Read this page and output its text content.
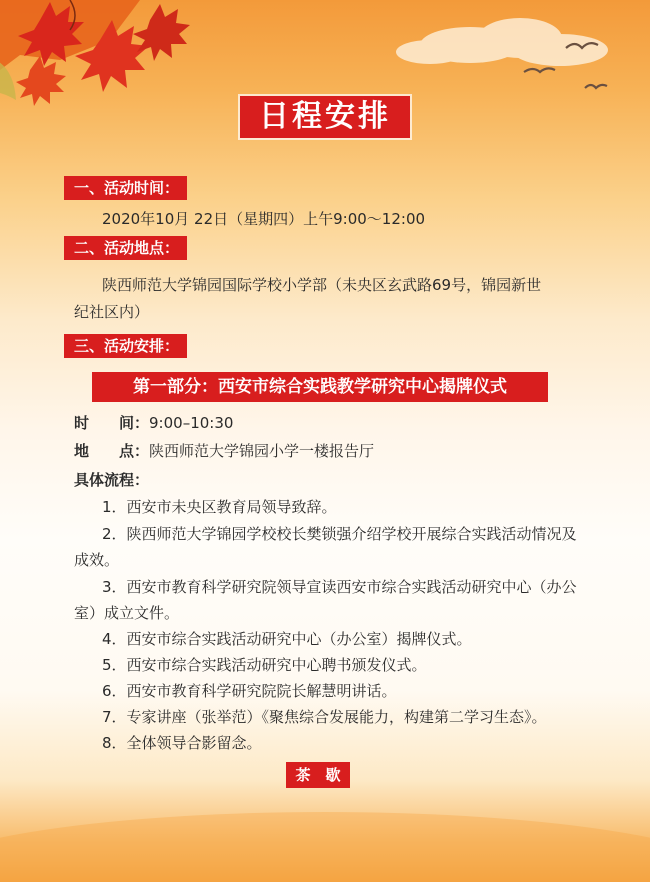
日程安排
一、活动时间：
2020年10月 22日（星期四）上午9:00～12:00
二、活动地点：
陕西师范大学锦园国际学校小学部（未央区玄武路69号，锦园新世
纪社区内）
三、活动安排：
第一部分：西安市综合实践教学研究中心揭牌仪式
时　　间：9:00–10:30
地　　点：陕西师范大学锦园小学一楼报告厅
具体流程：
1．西安市未央区教育局领导致辞。
2．陕西师范大学锦园学校校长樊锁强介绍学校开展综合实践活动情况及
成效。
3．西安市教育科学研究院领导宣读西安市综合实践活动研究中心（办公
室）成立文件。
4．西安市综合实践活动研究中心（办公室）揭牌仪式。
5．西安市综合实践活动研究中心聘书颁发仪式。
6．西安市教育科学研究院院长解慧明讲话。
7．专家讲座（张举范）《聚焦综合发展能力，构建第二学习生态》。
8．全体领导合影留念。
茶　歇
